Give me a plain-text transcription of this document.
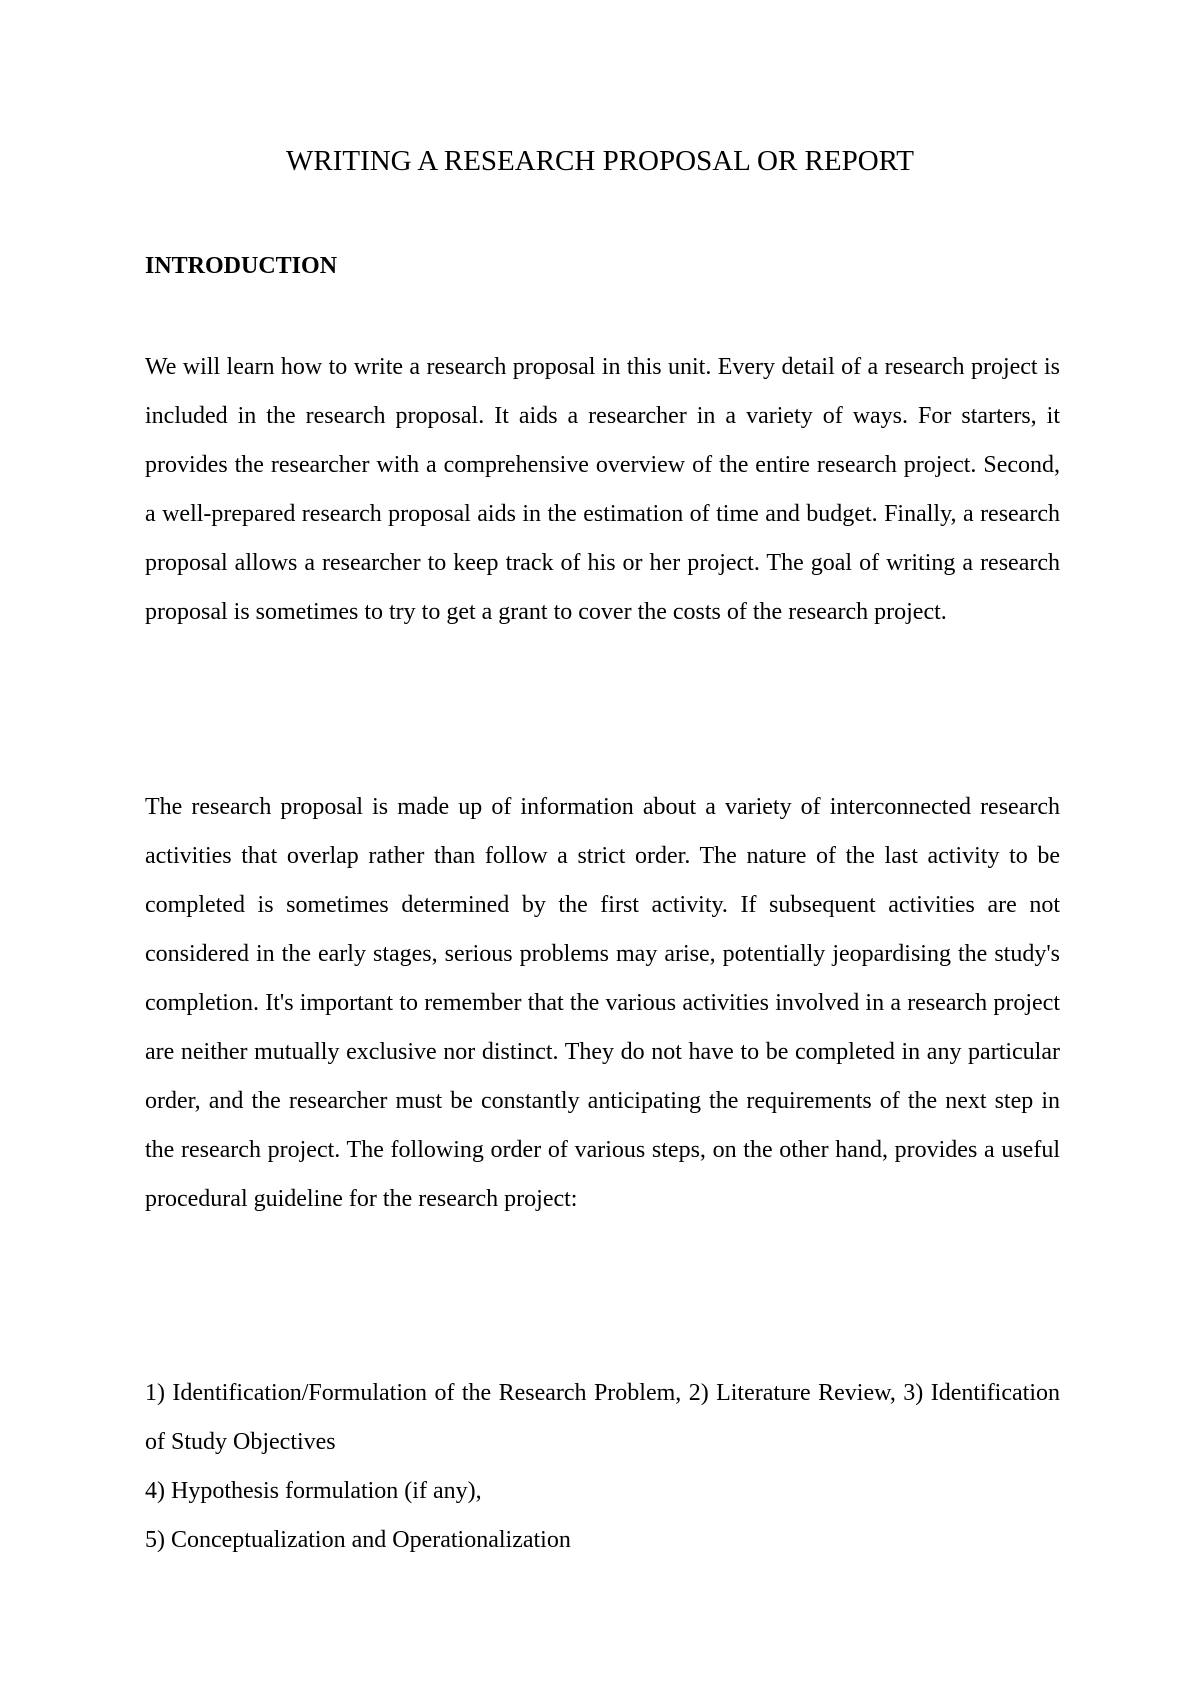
WRITING A RESEARCH PROPOSAL OR REPORT
INTRODUCTION

We will learn how to write a research proposal in this unit. Every detail of a research project is included in the research proposal. It aids a researcher in a variety of ways. For starters, it provides the researcher with a comprehensive overview of the entire research project. Second, a well-prepared research proposal aids in the estimation of time and budget. Finally, a research proposal allows a researcher to keep track of his or her project. The goal of writing a research proposal is sometimes to try to get a grant to cover the costs of the research project.

The research proposal is made up of information about a variety of interconnected research activities that overlap rather than follow a strict order. The nature of the last activity to be completed is sometimes determined by the first activity. If subsequent activities are not considered in the early stages, serious problems may arise, potentially jeopardising the study's completion. It's important to remember that the various activities involved in a research project are neither mutually exclusive nor distinct. They do not have to be completed in any particular order, and the researcher must be constantly anticipating the requirements of the next step in the research project. The following order of various steps, on the other hand, provides a useful procedural guideline for the research project:

1) Identification/Formulation of the Research Problem, 2) Literature Review, 3) Identification of Study Objectives
4) Hypothesis formulation (if any),
5) Conceptualization and Operationalization
